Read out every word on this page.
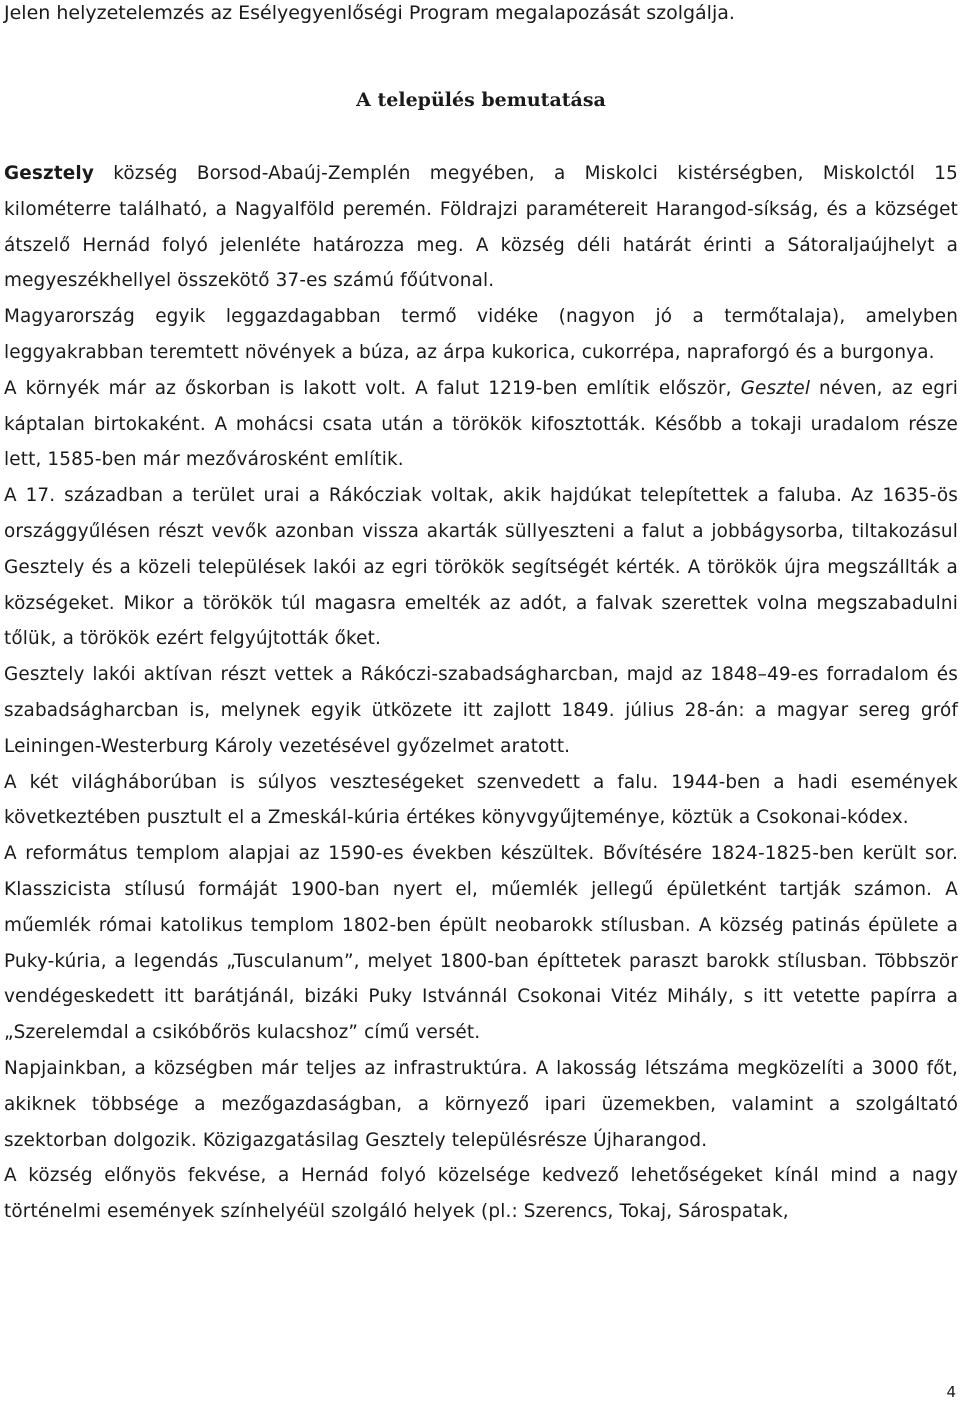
Jelen helyzetelemzés az Esélyegyenlőségi Program megalapozását szolgálja.

A település bemutatása

Gesztely község Borsod-Abaúj-Zemplén megyében, a Miskolci kistérségben, Miskolctól 15 kilométerre található, a Nagyalföld peremén. Földrajzi paramétereit Harangod-síkság, és a községet átszelő Hernád folyó jelenléte határozza meg. A község déli határát érinti a Sátoraljaújhelyt a megyeszékhellyel összekötő 37-es számú főútvonal.

Magyarország egyik leggazdagabban termő vidéke (nagyon jó a termőtalaja), amelyben leggyakrabban teremtett növények a búza, az árpa kukorica, cukorrépa, napraforgó és a burgonya.

A környék már az őskorban is lakott volt. A falut 1219-ben említik először, Gesztel néven, az egri káptalan birtokaként. A mohácsi csata után a törökök kifosztották. Később a tokaji uradalom része lett, 1585-ben már mezővárosként említik.

A 17. században a terület urai a Rákócziak voltak, akik hajdúkat telepítettek a faluba. Az 1635-ös országgyűlésen részt vevők azonban vissza akarták süllyeszteni a falut a jobbágysorba, tiltakozásul Gesztely és a közeli települések lakói az egri törökök segítségét kérték. A törökök újra megszállták a községeket. Mikor a törökök túl magasra emelték az adót, a falvak szerettek volna megszabadulni tőlük, a törökök ezért felgyújtották őket.

Gesztely lakói aktívan részt vettek a Rákóczi-szabadságharcban, majd az 1848–49-es forradalom és szabadságharcban is, melynek egyik ütközete itt zajlott 1849. július 28-án: a magyar sereg gróf Leiningen-Westerburg Károly vezetésével győzelmet aratott.

A két világháborúban is súlyos veszteségeket szenvedett a falu. 1944-ben a hadi események következtében pusztult el a Zmeskál-kúria értékes könyvgyűjteménye, köztük a Csokonai-kódex.

A református templom alapjai az 1590-es években készültek. Bővítésére 1824-1825-ben került sor. Klasszicista stílusú formáját 1900-ban nyert el, műemlék jellegű épületként tartják számon. A műemlék római katolikus templom 1802-ben épült neobarokk stílusban. A község patinás épülete a Puky-kúria, a legendás „Tusculanum”, melyet 1800-ban építtetek paraszt barokk stílusban. Többször vendégeskedett itt barátjánál, bizáki Puky Istvánnál Csokonai Vitéz Mihály, s itt vetette papírra a „Szerelemdal a csikóbőrös kulacshoz” című versét.

Napjainkban, a községben már teljes az infrastruktúra. A lakosság létszáma megközelíti a 3000 főt, akiknek többsége a mezőgazdaságban, a környező ipari üzemekben, valamint a szolgáltató szektorban dolgozik. Közigazgatásilag Gesztely településrésze Újharangod.

A község előnyös fekvése, a Hernád folyó közelsége kedvező lehetőségeket kínál mind a nagy történelmi események színhelyéül szolgáló helyek (pl.: Szerencs, Tokaj, Sárospatak,

4
